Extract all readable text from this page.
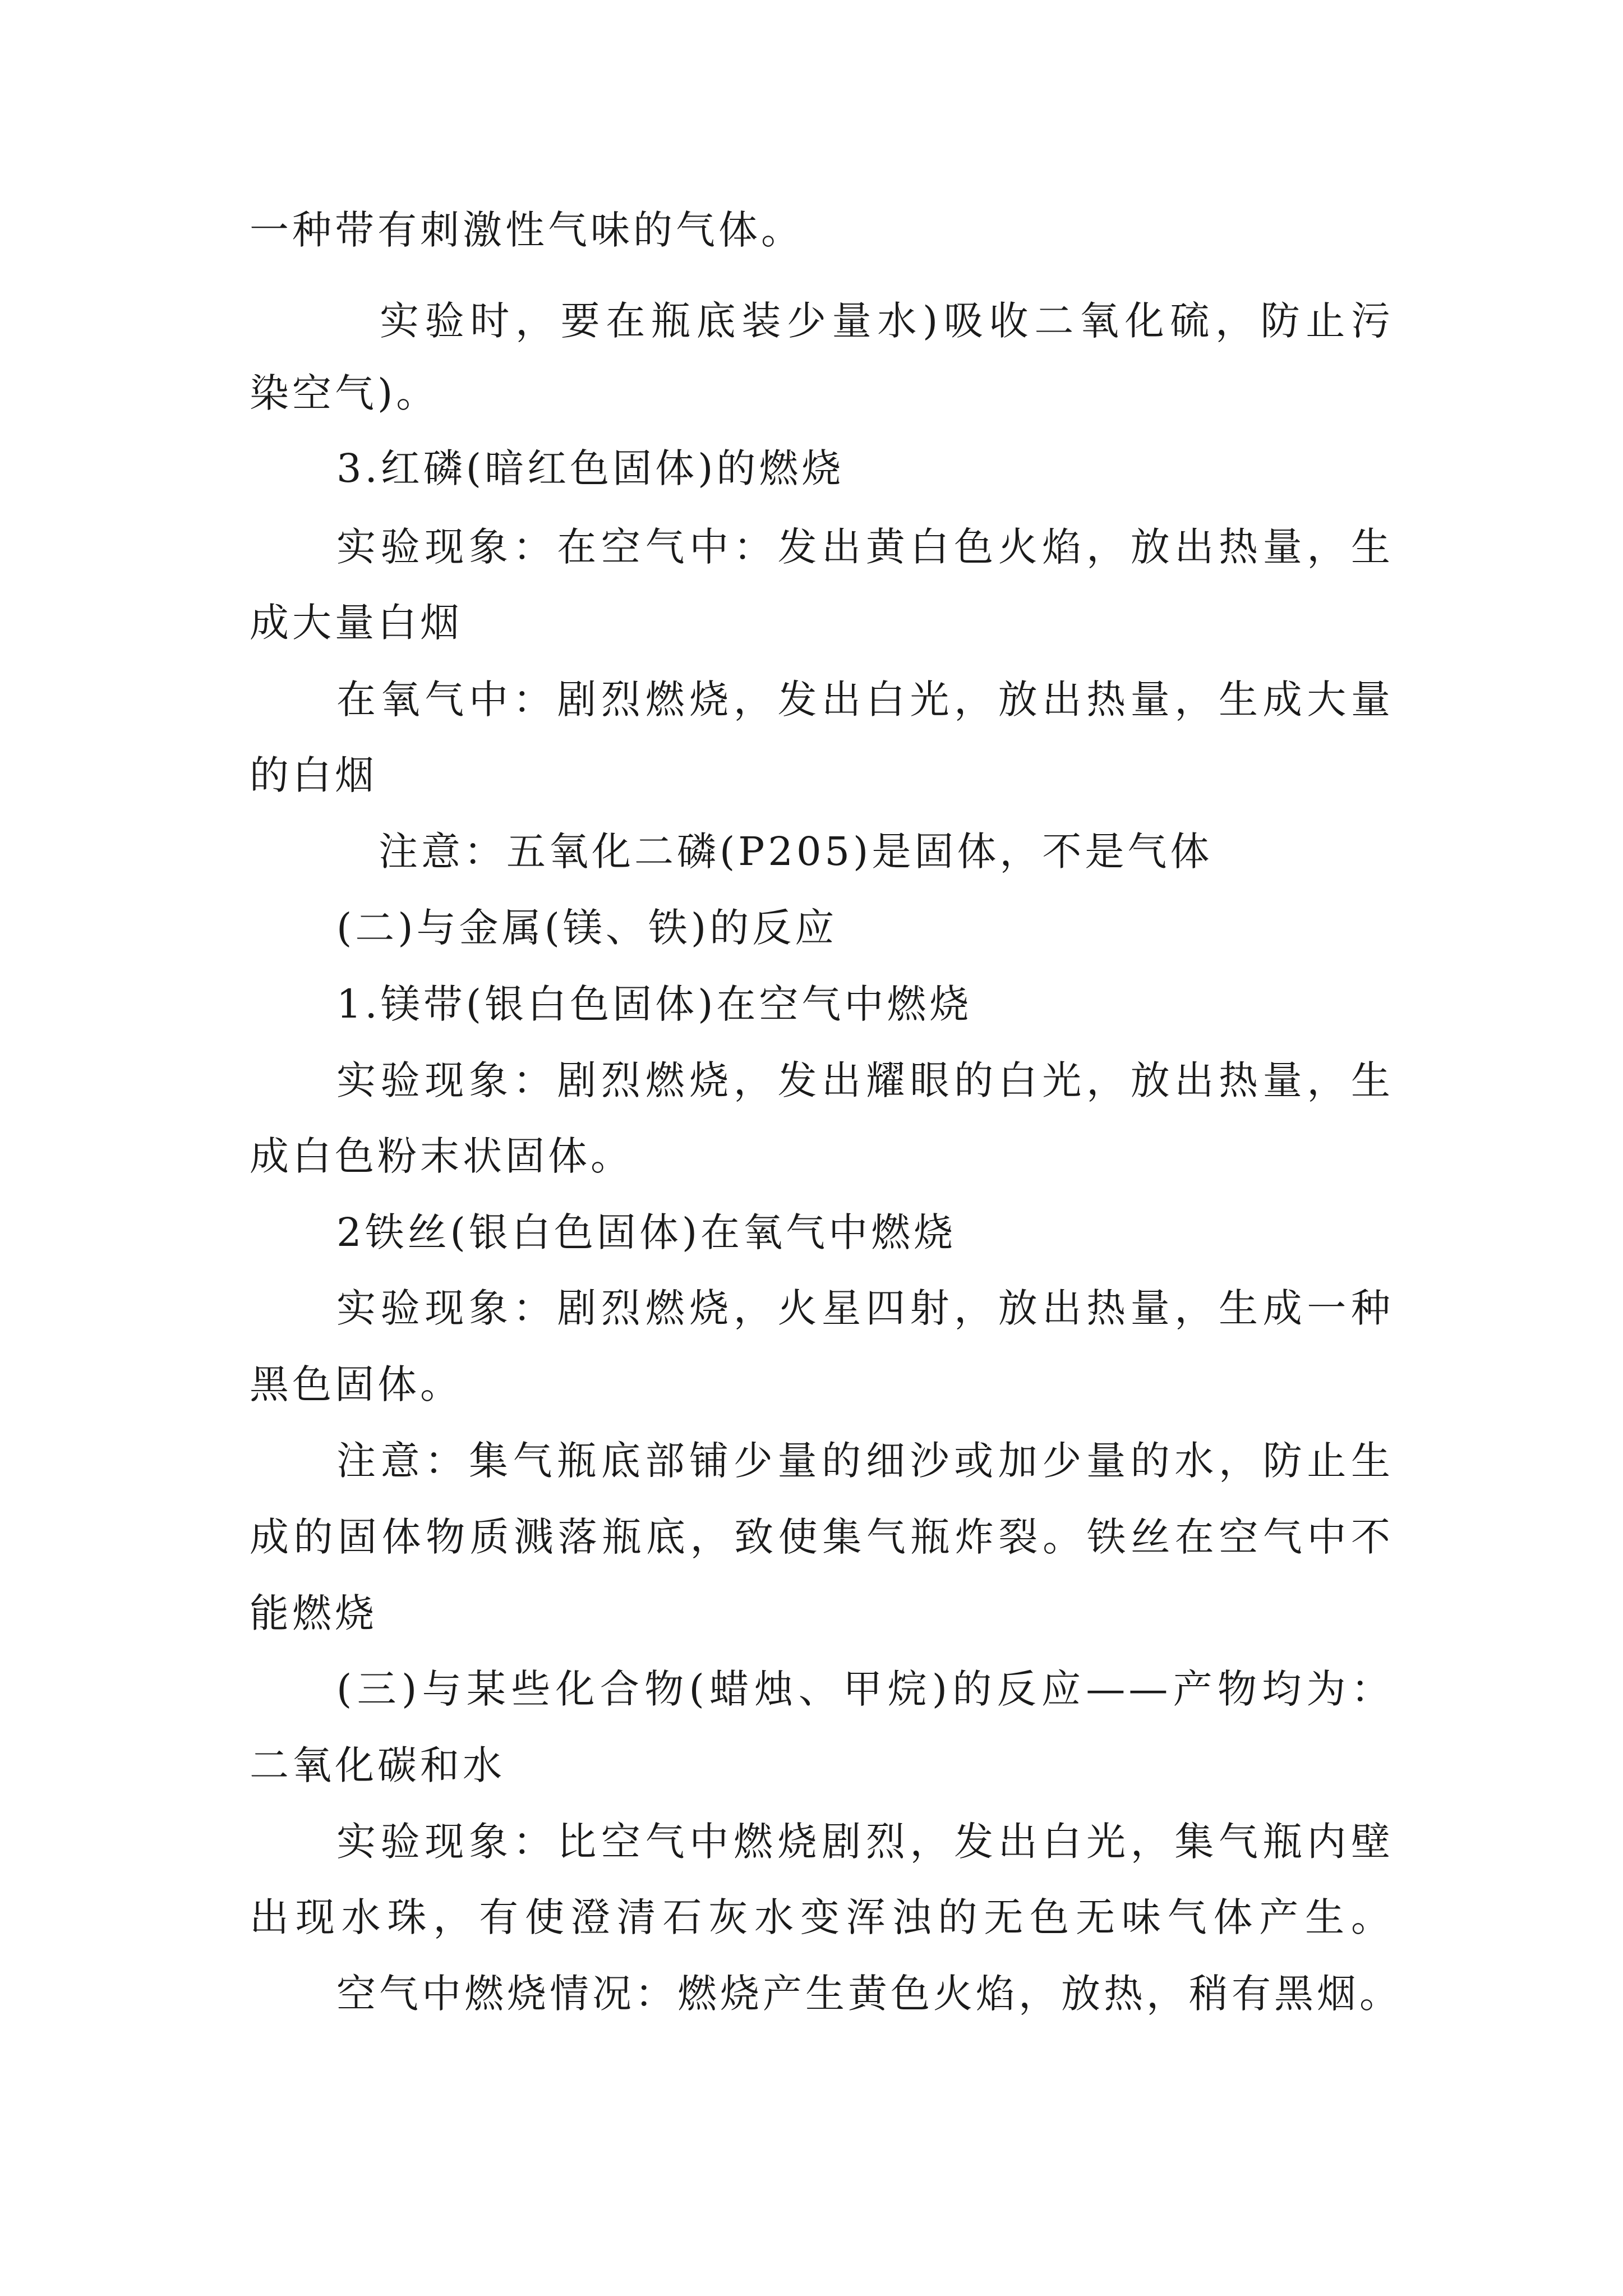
一种带有刺激性气味的气体。
实验时，要在瓶底装少量水)吸收二氧化硫，防止污
染空气)。
3.红磷(暗红色固体)的燃烧
实验现象：在空气中：发出黄白色火焰，放出热量，生
成大量白烟
在氧气中：剧烈燃烧，发出白光，放出热量，生成大量
的白烟
注意：五氧化二磷(P205)是固体，不是气体
(二)与金属(镁、铁)的反应
1.镁带(银白色固体)在空气中燃烧
实验现象：剧烈燃烧，发出耀眼的白光，放出热量，生
成白色粉末状固体。
2铁丝(银白色固体)在氧气中燃烧
实验现象：剧烈燃烧，火星四射，放出热量，生成一种
黑色固体。
注意：集气瓶底部铺少量的细沙或加少量的水，防止生
成的固体物质溅落瓶底，致使集气瓶炸裂。铁丝在空气中不
能燃烧
(三)与某些化合物(蜡烛、甲烷)的反应——产物均为：
二氧化碳和水
实验现象：比空气中燃烧剧烈，发出白光，集气瓶内壁
出现水珠，有使澄清石灰水变浑浊的无色无味气体产生。
空气中燃烧情况：燃烧产生黄色火焰，放热，稍有黑烟。
